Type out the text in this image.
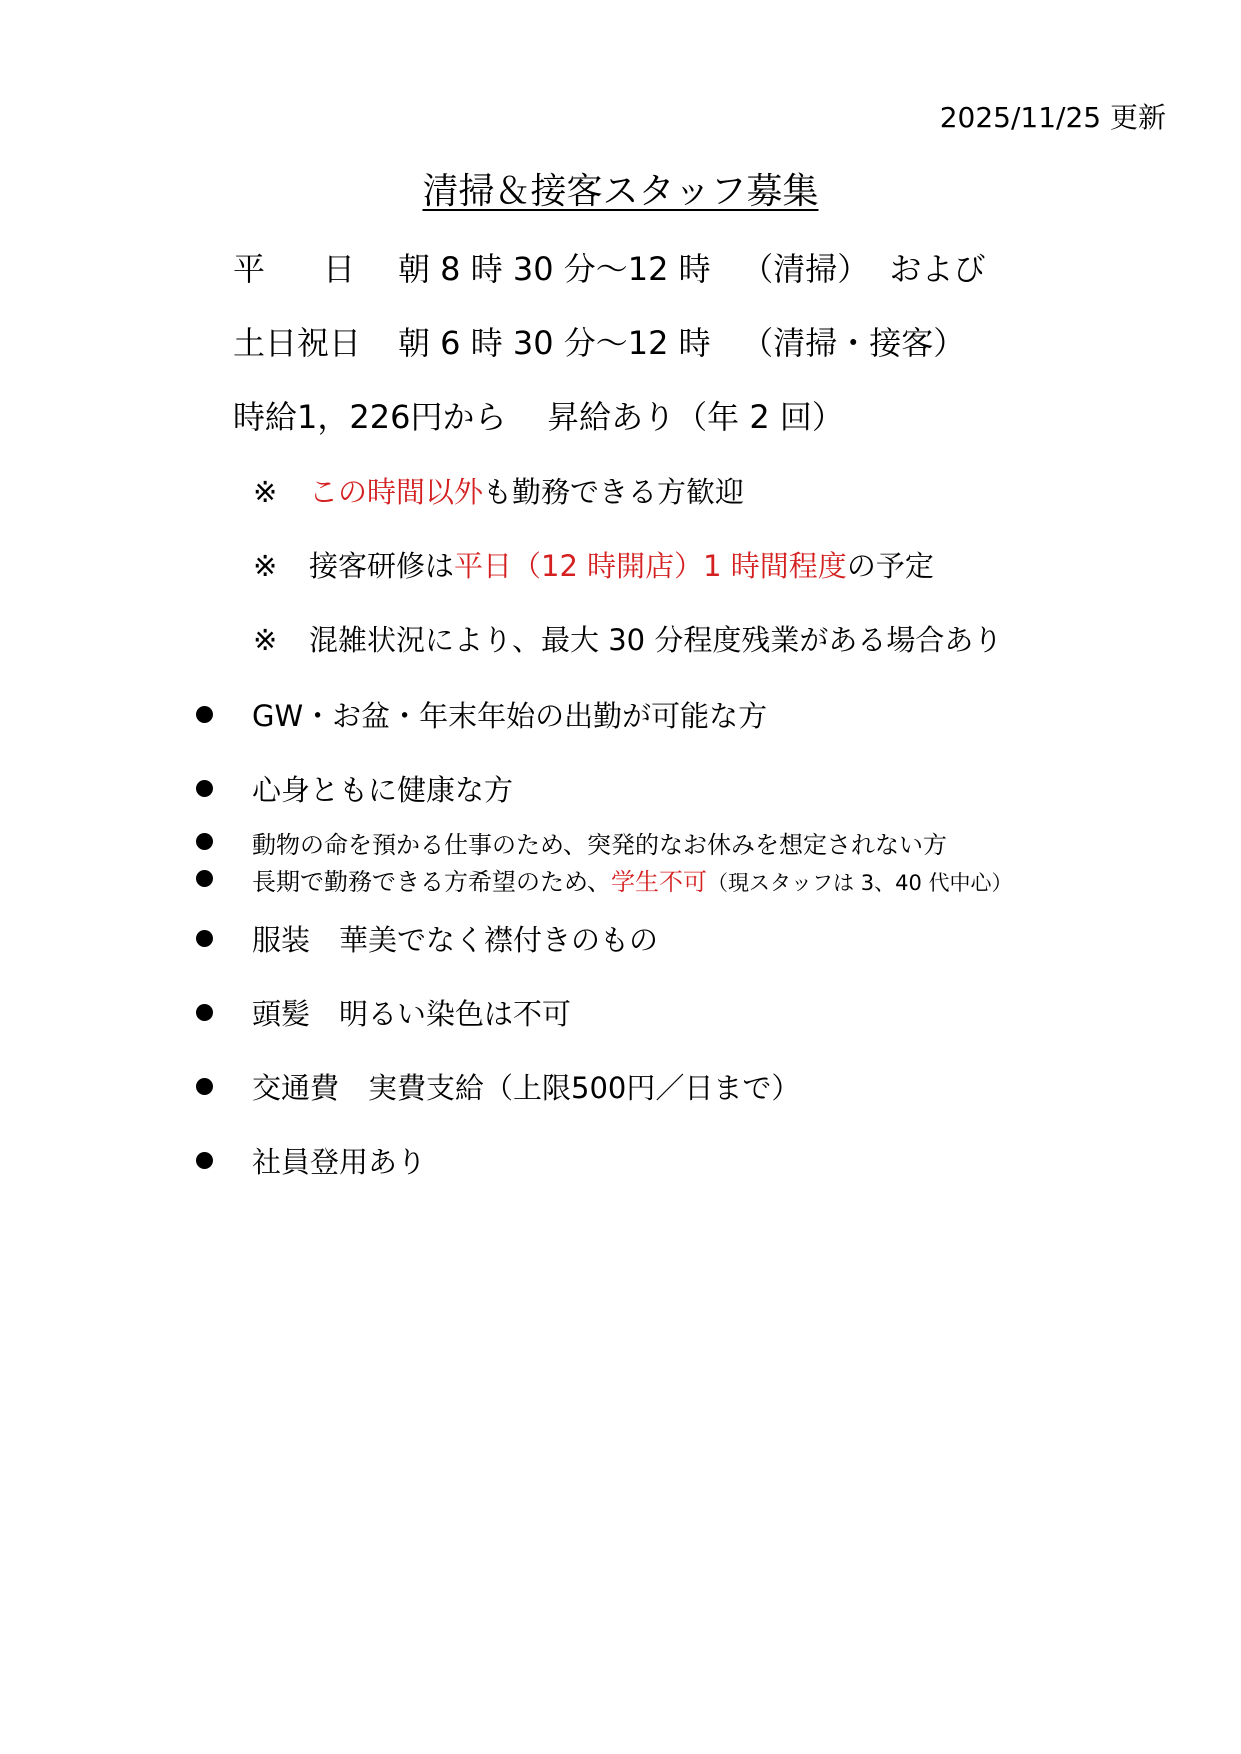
2025/11/25 更新
清掃＆接客スタッフ募集
平日朝 8 時 30 分～12 時 （清掃） および
土日祝日 朝 6 時 30 分～12 時 （清掃・接客）
時給1，226円から 昇給あり（年 2 回）
※ この時間以外も勤務できる方歓迎
※ 接客研修は平日（12 時開店）1 時間程度の予定
※ 混雑状況により、最大 30 分程度残業がある場合あり
GW・お盆・年末年始の出勤が可能な方
心身ともに健康な方
動物の命を預かる仕事のため、突発的なお休みを想定されない方
長期で勤務できる方希望のため、学生不可（現スタッフは 3、40 代中心）
服装　華美でなく襟付きのもの
頭髪　明るい染色は不可
交通費　実費支給（上限500円／日まで）
社員登用あり
